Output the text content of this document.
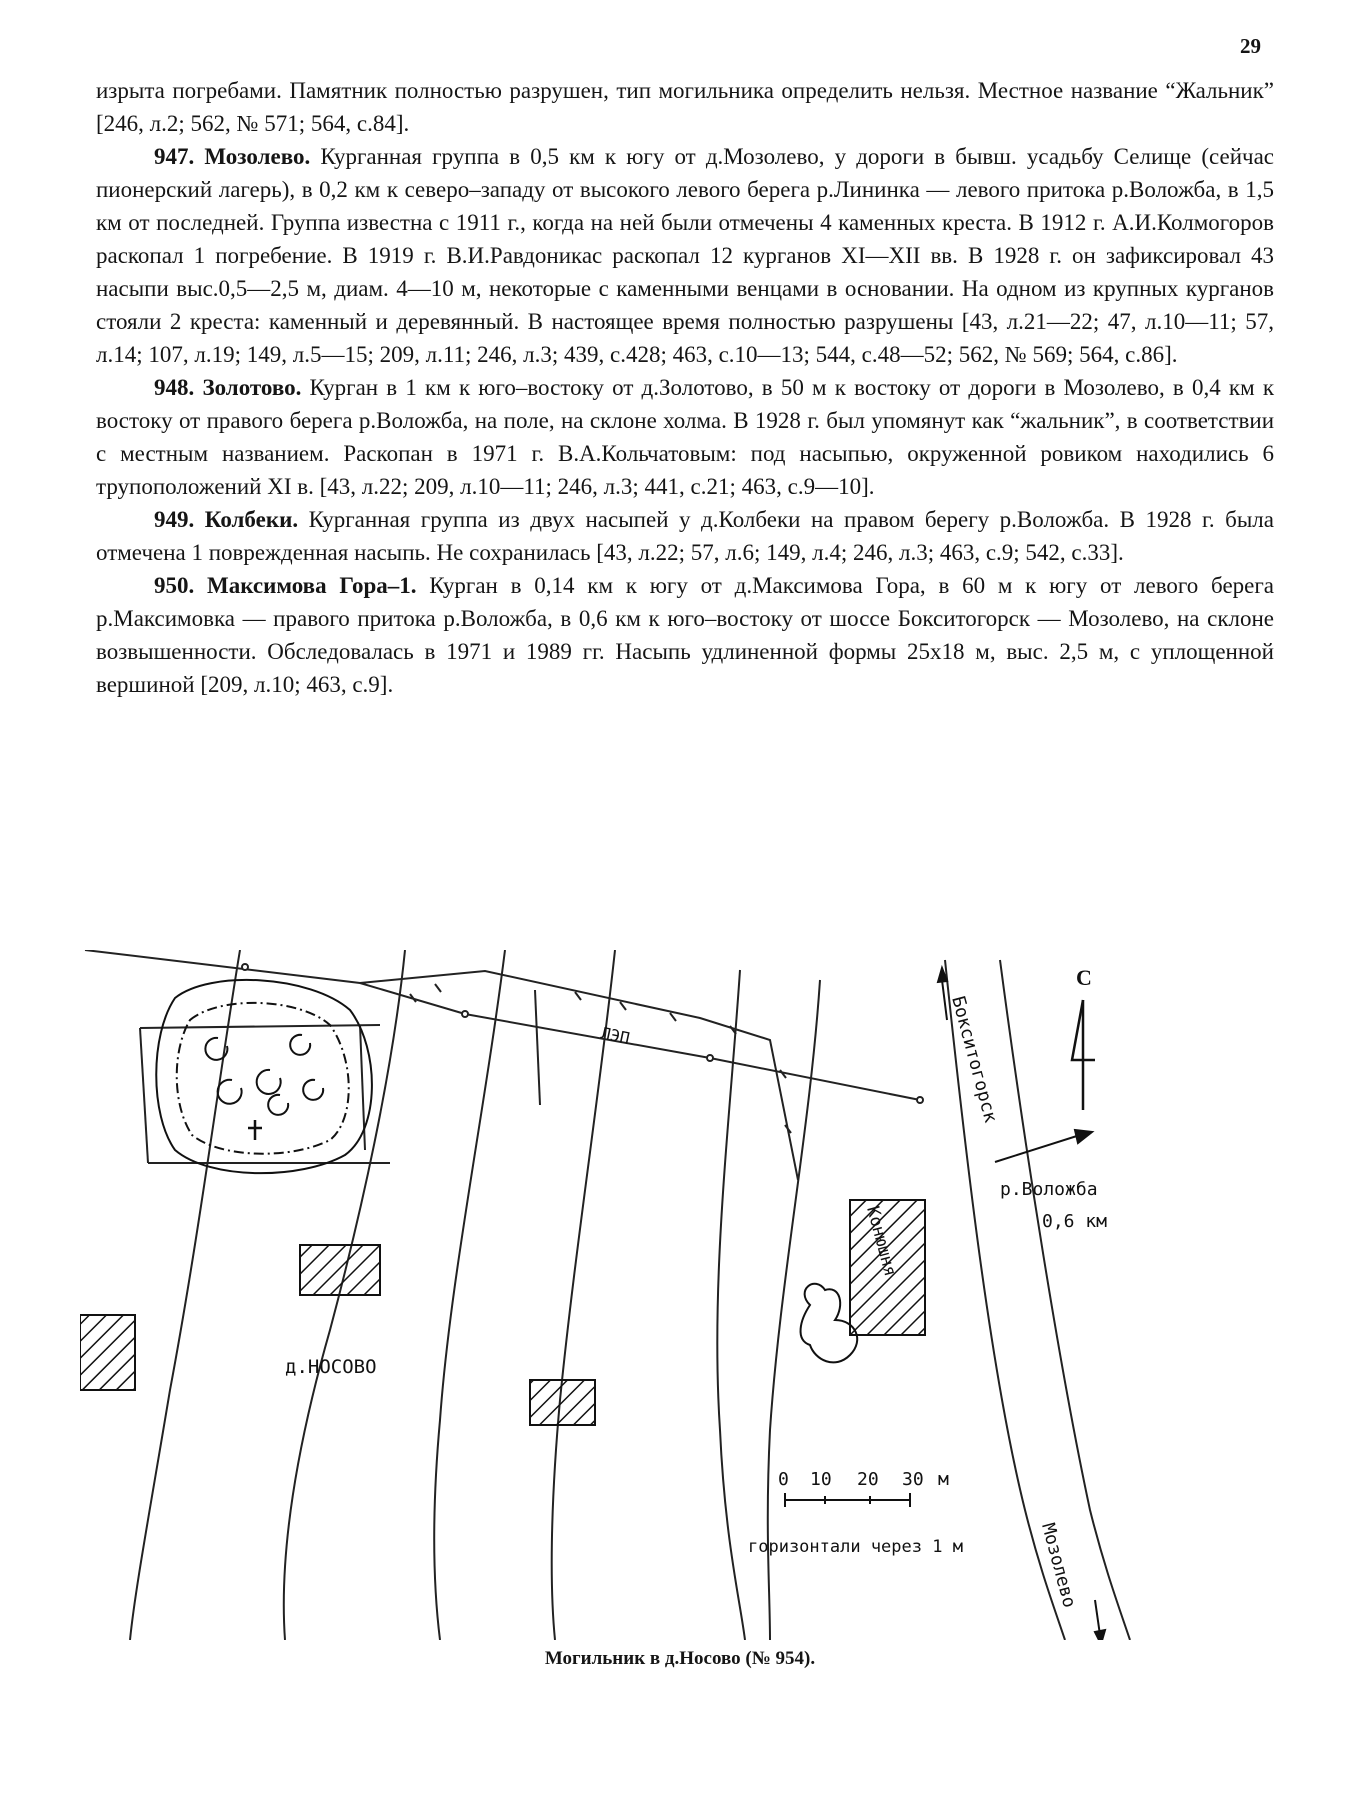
29

изрыта погребами. Памятник полностью разрушен, тип могильника определить нельзя. Местное название “Жальник” [246, л.2; 562, № 571; 564, с.84].

947. Мозолево. Курганная группа в 0,5 км к югу от д.Мозолево, у дороги в бывш. усадьбу Селище (сейчас пионерский лагерь), в 0,2 км к северо–западу от высокого левого берега р.Лининка — левого притока р.Воложба, в 1,5 км от последней. Группа известна с 1911 г., когда на ней были отмечены 4 каменных креста. В 1912 г. А.И.Колмогоров раскопал 1 погребение. В 1919 г. В.И.Равдоникас раскопал 12 курганов XI—XII вв. В 1928 г. он зафиксировал 43 насыпи выс.0,5—2,5 м, диам. 4—10 м, некоторые с каменными венцами в основании. На одном из крупных курганов стояли 2 креста: каменный и деревянный. В настоящее время полностью разрушены [43, л.21—22; 47, л.10—11; 57, л.14; 107, л.19; 149, л.5—15; 209, л.11; 246, л.3; 439, с.428; 463, с.10—13; 544, с.48—52; 562, № 569; 564, с.86].

948. Золотово. Курган в 1 км к юго–востоку от д.Золотово, в 50 м к востоку от дороги в Мозолево, в 0,4 км к востоку от правого берега р.Воложба, на поле, на склоне холма. В 1928 г. был упомянут как “жальник”, в соответствии с местным названием. Раскопан в 1971 г. В.А.Кольчатовым: под насыпью, окруженной ровиком находились 6 трупоположений XI в. [43, л.22; 209, л.10—11; 246, л.3; 441, с.21; 463, с.9—10].

949. Колбеки. Курганная группа из двух насыпей у д.Колбеки на правом берегу р.Воложба. В 1928 г. была отмечена 1 поврежденная насыпь. Не сохранилась [43, л.22; 57, л.6; 149, л.4; 246, л.3; 463, с.9; 542, с.33].

950. Максимова Гора–1. Курган в 0,14 км к югу от д.Максимова Гора, в 60 м к югу от левого берега р.Максимовка — правого притока р.Воложба, в 0,6 км к юго–востоку от шоссе Бокситогорск — Мозолево, на склоне возвышенности. Обследовалась в 1971 и 1989 гг. Насыпь удлиненной формы 25x18 м, выс. 2,5 м, с уплощенной вершиной [209, л.10; 463, с.9].

С
ЛЭП	Бокситогорск
Мозолево
р.Воложба
0,6 км
Конюшня
д.НОСОВО
0 10 20 30 м
горизонтали через 1 м
Могильник в д.Носово (№ 954).
